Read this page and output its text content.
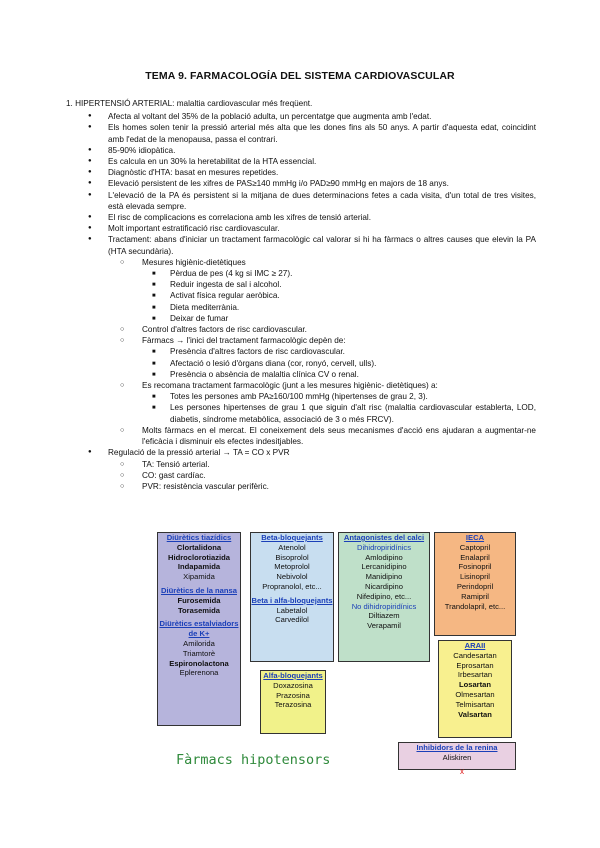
TEMA 9. FARMACOLOGÍA DEL SISTEMA CARDIOVASCULAR
1. HIPERTENSIÓ ARTERIAL: malaltia cardiovascular més freqüent.
● Afecta al voltant del 35% de la població adulta, un percentatge que augmenta amb l'edat.
● Els homes solen tenir la pressió arterial més alta que les dones fins als 50 anys. A partir d'aquesta edat, coincidint amb l'edat de la menopausa, passa el contrari.
● 85-90% idiopàtica.
● Es calcula en un 30% la heretabilitat de la HTA essencial.
● Diagnòstic d'HTA: basat en mesures repetides.
● Elevació persistent de les xifres de PAS≥140 mmHg i/o PAD≥90 mmHg en majors de 18 anys.
● L'elevació de la PA és persistent si la mitjana de dues determinacions fetes a cada visita, d'un total de tres visites, està elevada sempre.
● El risc de complicacions es correlaciona amb les xifres de tensió arterial.
● Molt important estratificació risc cardiovascular.
● Tractament: abans d'iniciar un tractament farmacològic cal valorar si hi ha fàrmacs o altres causes que elevin la PA (HTA secundària).
○ Mesures higiènic-dietètiques
■ Pèrdua de pes (4 kg si IMC ≥ 27).
■ Reduir ingesta de sal i alcohol.
■ Activat física regular aeròbica.
■ Dieta mediterrània.
■ Deixar de fumar
○ Control d'altres factors de risc cardiovascular.
○ Fàrmacs → l'inici del tractament farmacològic depèn de:
■ Presència d'altres factors de risc cardiovascular.
■ Afectació o lesió d'òrgans diana (cor, ronyó, cervell, ulls).
■ Presència o absència de malaltia clínica CV o renal.
○ Es recomana tractament farmacològic (junt a les mesures higiènic- dietètiques) a:
■ Totes les persones amb PA≥160/100 mmHg (hipertenses de grau 2, 3).
■ Les persones hipertenses de grau 1 que siguin d'alt risc (malaltia cardiovascular establerta, LOD, diabetis, síndrome metabòlica, associació de 3 o més FRCV).
○ Molts fàrmacs en el mercat. El coneixement dels seus mecanismes d'acció ens ajudaran a augmentar-ne l'eficàcia i disminuir els efectes indesitjables.
● Regulació de la pressió arterial → TA = CO x PVR
○ TA: Tensió arterial.
○ CO: gast cardíac.
○ PVR: resistència vascular perifèric.
Diürètics tiazídics
Clortalidona
Hidroclorotiazida
Indapamida
Xipamida
Diürètics de la nansa
Furosemida
Torasemida
Diürètics estalviadors de K+
Amilorida
Triamtorè
Espironolactona
Eplerenona
Beta-bloquejants
Atenolol
Bisoprolol
Metoprolol
Nebivolol
Propranolol, etc...
Beta i alfa-bloquejants
Labetalol
Carvedilol
Alfa-bloquejants
Doxazosina
Prazosina
Terazosina
Antagonistes del calci
Dihidropiridínics
Amlodipino
Lercanidipino
Manidipino
Nicardipino
Nifedipino, etc...
No dihidropiridínics
Diltiazem
Verapamil
IECA
Captopril
Enalapril
Fosinopril
Lisinopril
Perindopril
Ramipril
Trandolapril, etc...
ARAII
Candesartan
Eprosartan
Irbesartan
Losartan
Olmesartan
Telmisartan
Valsartan
Inhibidors de la renina
Aliskiren
Fàrmacs hipotensors
x
